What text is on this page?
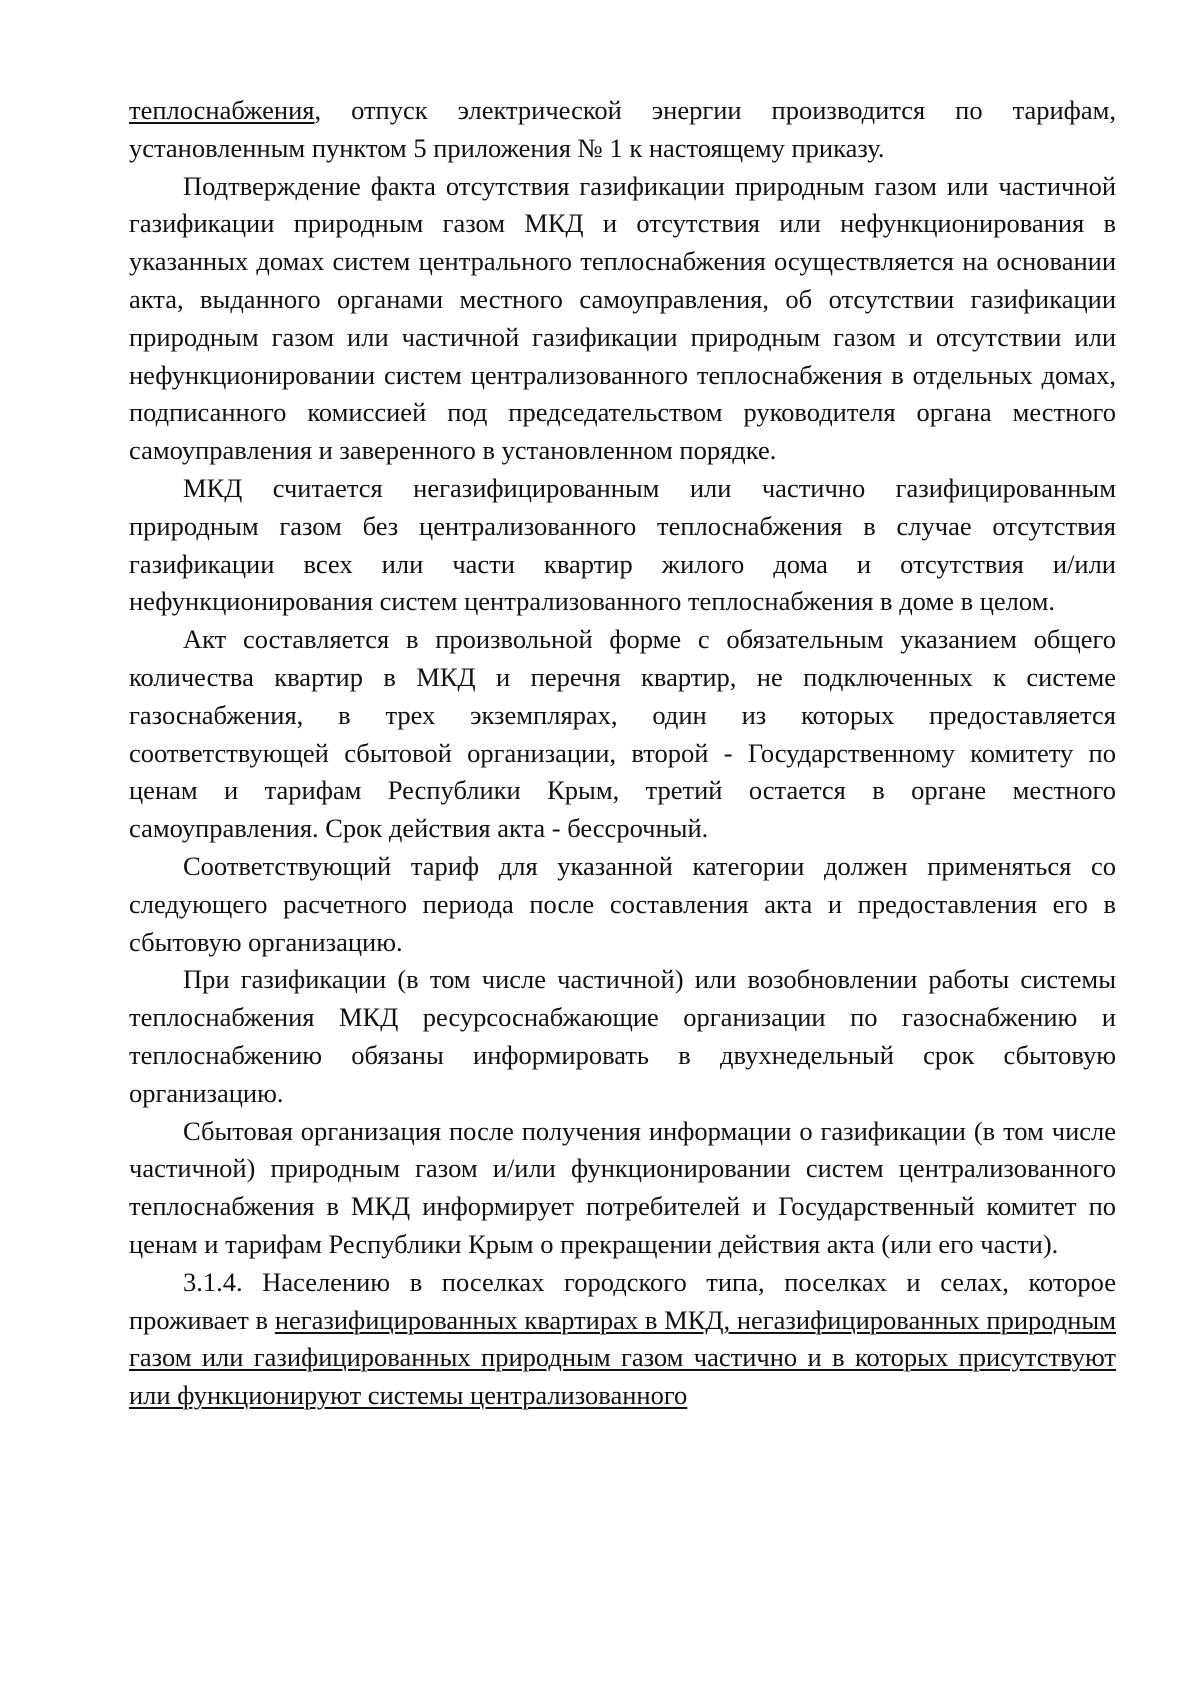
теплоснабжения, отпуск электрической энергии производится по тарифам, установленным пунктом 5 приложения № 1 к настоящему приказу.

Подтверждение факта отсутствия газификации природным газом или частичной газификации природным газом МКД и отсутствия или нефункционирования в указанных домах систем центрального теплоснабжения осуществляется на основании акта, выданного органами местного самоуправления, об отсутствии газификации природным газом или частичной газификации природным газом и отсутствии или нефункционировании систем централизованного теплоснабжения в отдельных домах, подписанного комиссией под председательством руководителя органа местного самоуправления и заверенного в установленном порядке.

МКД считается негазифицированным или частично газифицированным природным газом без централизованного теплоснабжения в случае отсутствия газификации всех или части квартир жилого дома и отсутствия и/или нефункционирования систем централизованного теплоснабжения в доме в целом.

Акт составляется в произвольной форме с обязательным указанием общего количества квартир в МКД и перечня квартир, не подключенных к системе газоснабжения, в трех экземплярах, один из которых предоставляется соответствующей сбытовой организации, второй - Государственному комитету по ценам и тарифам Республики Крым, третий остается в органе местного самоуправления. Срок действия акта - бессрочный.

Соответствующий тариф для указанной категории должен применяться со следующего расчетного периода после составления акта и предоставления его в сбытовую организацию.

При газификации (в том числе частичной) или возобновлении работы системы теплоснабжения МКД ресурсоснабжающие организации по газоснабжению и теплоснабжению обязаны информировать в двухнедельный срок сбытовую организацию.

Сбытовая организация после получения информации о газификации (в том числе частичной) природным газом и/или функционировании систем централизованного теплоснабжения в МКД информирует потребителей и Государственный комитет по ценам и тарифам Республики Крым о прекращении действия акта (или его части).

3.1.4. Населению в поселках городского типа, поселках и селах, которое проживает в негазифицированных квартирах в МКД, негазифицированных природным газом или газифицированных природным газом частично и в которых присутствуют или функционируют системы централизованного
